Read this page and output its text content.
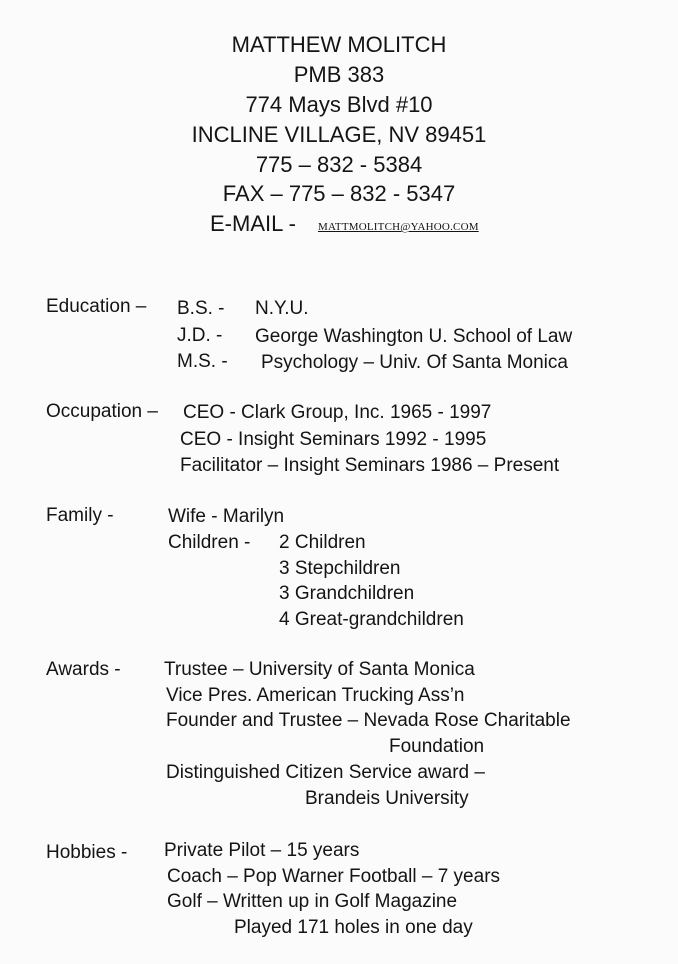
MATTHEW MOLITCH
PMB 383
774 Mays Blvd #10
INCLINE VILLAGE, NV 89451
775 – 832 - 5384
FAX – 775 – 832 - 5347
E-MAIL - MATTMOLITCH@YAHOO.COM
Education – B.S. - N.Y.U.
J.D. - George Washington U. School of Law
M.S. - Psychology – Univ. Of Santa Monica
Occupation – CEO - Clark Group, Inc. 1965 - 1997
CEO - Insight Seminars 1992 - 1995
Facilitator – Insight Seminars 1986 – Present
Family -	Wife - Marilyn
Children - 2 Children
3 Stepchildren
3 Grandchildren
4 Great-grandchildren
Awards - Trustee – University of Santa Monica
Vice Pres. American Trucking Ass’n
Founder and Trustee – Nevada Rose Charitable
Foundation
Distinguished Citizen Service award –
Brandeis University
Hobbies - Private Pilot – 15 years
Coach – Pop Warner Football – 7 years
Golf – Written up in Golf Magazine
Played 171 holes in one day
